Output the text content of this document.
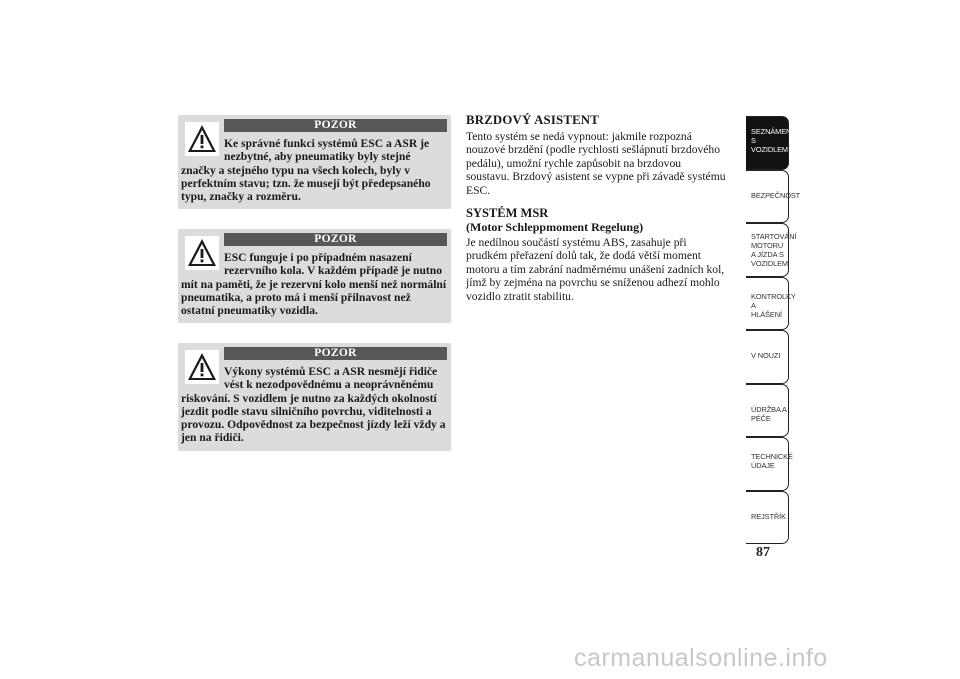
POZOR
Ke správné funkci systémů ESC a ASR je nezbytné, aby pneumatiky byly stejné značky a stejného typu na všech kolech, byly v perfektním stavu; tzn. že musejí být předepsaného typu, značky a rozměru.
POZOR
ESC funguje i po případném nasazení rezervního kola. V každém případě je nutno mít na paměti, že je rezervní kolo menší než normální pneumatika, a proto má i menší přilnavost než ostatní pneumatiky vozidla.
POZOR
Výkony systémů ESC a ASR nesmějí řidiče vést k nezodpovědnému a neoprávněnému riskování. S vozidlem je nutno za každých okolností jezdit podle stavu silničního povrchu, viditelnosti a provozu. Odpovědnost za bezpečnost jízdy leží vždy a jen na řidiči.

BRZDOVÝ ASISTENT

Tento systém se nedá vypnout: jakmile rozpozná nouzové brzdění (podle rychlosti sešlápnutí brzdového pedálu), umožní rychle zapůsobit na brzdovou soustavu. Brzdový asistent se vypne při závadě systému ESC.

SYSTÉM MSR

(Motor Schleppmoment Regelung)

Je nedílnou součástí systému ABS, zasahuje při prudkém přeřazení dolů tak, že dodá větší moment motoru a tím zabrání nadměrnému unášení zadních kol, jímž by zejména na povrchu se sníženou adhezí mohlo vozidlo ztratit stabilitu.

SEZNÁMENÍ S VOZIDLEM
BEZPEČNOST
STARTOVÁNÍ MOTORU A JÍZDA S VOZIDLEM
KONTROLKY A HLÁŠENÍ
V NOUZI
ÚDRŽBA A PÉČE
TECHNICKÉ ÚDAJE
REJSTŘÍK
87
carmanualsonline.info
